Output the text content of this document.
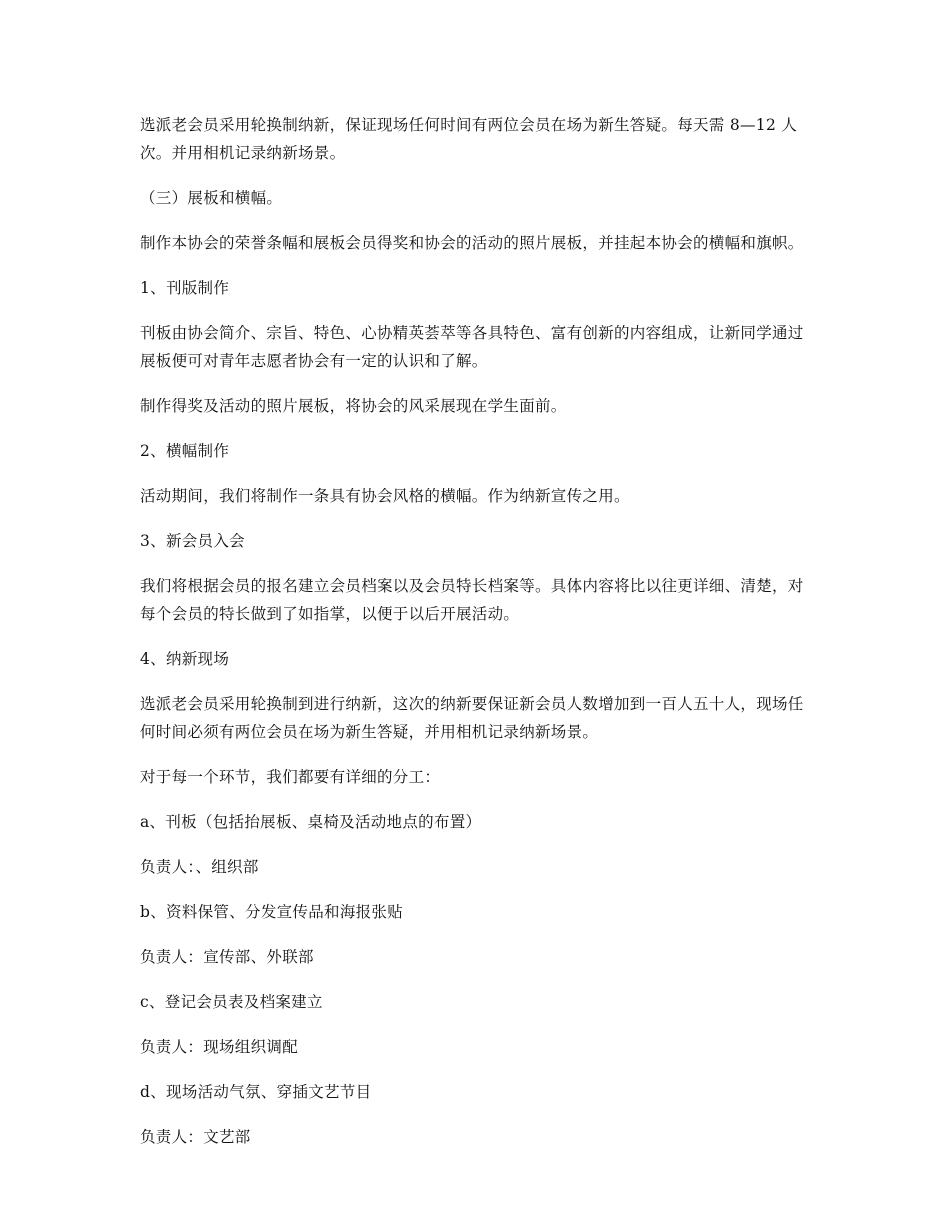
选派老会员采用轮换制纳新，保证现场任何时间有两位会员在场为新生答疑。每天需 8—12 人次。并用相机记录纳新场景。

（三）展板和横幅。

制作本协会的荣誉条幅和展板会员得奖和协会的活动的照片展板，并挂起本协会的横幅和旗帜。

1、刊版制作

刊板由协会简介、宗旨、特色、心协精英荟萃等各具特色、富有创新的内容组成，让新同学通过展板便可对青年志愿者协会有一定的认识和了解。

制作得奖及活动的照片展板，将协会的风采展现在学生面前。

2、横幅制作

活动期间，我们将制作一条具有协会风格的横幅。作为纳新宣传之用。

3、新会员入会

我们将根据会员的报名建立会员档案以及会员特长档案等。具体内容将比以往更详细、清楚，对每个会员的特长做到了如指掌，以便于以后开展活动。

4、纳新现场

选派老会员采用轮换制到进行纳新，这次的纳新要保证新会员人数增加到一百人五十人，现场任何时间必须有两位会员在场为新生答疑，并用相机记录纳新场景。

对于每一个环节，我们都要有详细的分工：

a、刊板（包括抬展板、桌椅及活动地点的布置）

负责人：、组织部

b、资料保管、分发宣传品和海报张贴

负责人：宣传部、外联部

c、登记会员表及档案建立

负责人：现场组织调配

d、现场活动气氛、穿插文艺节目

负责人：文艺部
